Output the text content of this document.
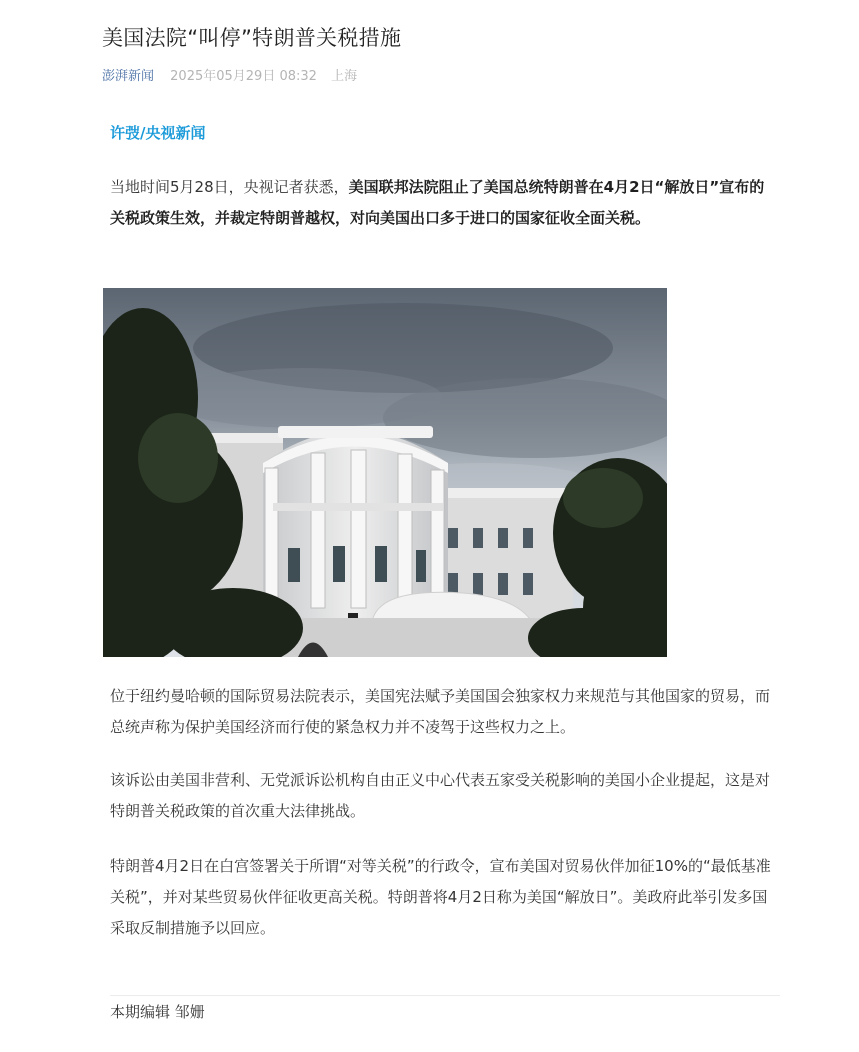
美国法院“叫停”特朗普关税措施
澎湃新闻 2025年05月29日 08:32 上海
许弢/央视新闻

当地时间5月28日，央视记者获悉，美国联邦法院阻止了美国总统特朗普在4月2日“解放日”宣布的关税政策生效，并裁定特朗普越权，对向美国出口多于进口的国家征收全面关税。

位于纽约曼哈顿的国际贸易法院表示，美国宪法赋予美国国会独家权力来规范与其他国家的贸易，而总统声称为保护美国经济而行使的紧急权力并不凌驾于这些权力之上。

该诉讼由美国非营利、无党派诉讼机构自由正义中心代表五家受关税影响的美国小企业提起，这是对特朗普关税政策的首次重大法律挑战。

特朗普4月2日在白宫签署关于所谓“对等关税”的行政令，宣布美国对贸易伙伴加征10%的“最低基准关税”，并对某些贸易伙伴征收更高关税。特朗普将4月2日称为美国“解放日”。美政府此举引发多国采取反制措施予以回应。

本期编辑 邹姗
